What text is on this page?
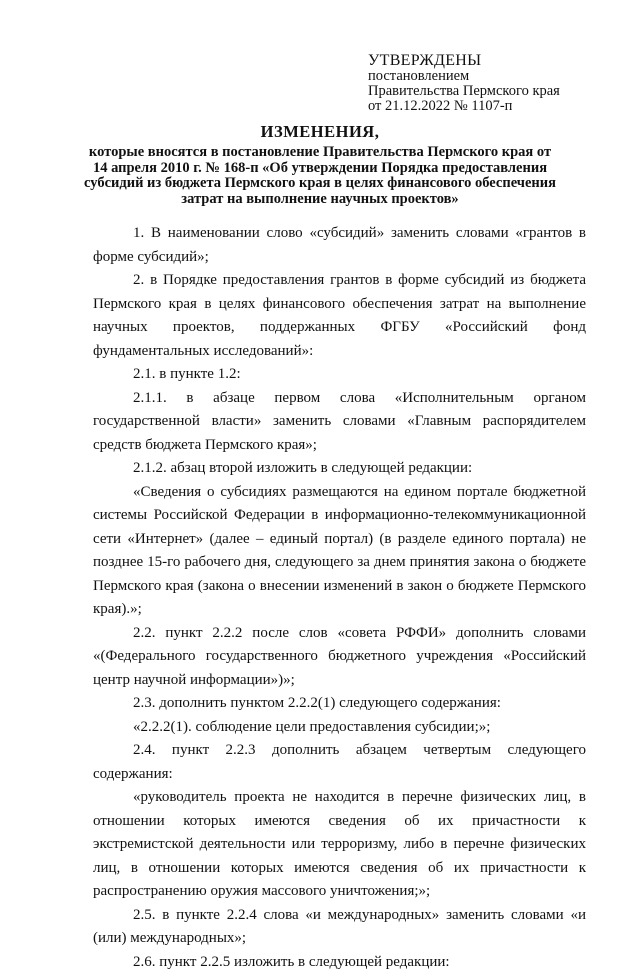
УТВЕРЖДЕНЫ
постановлением
Правительства Пермского края
от 21.12.2022 № 1107-п
ИЗМЕНЕНИЯ,
которые вносятся в постановление Правительства Пермского края от 14 апреля 2010 г. № 168-п «Об утверждении Порядка предоставления субсидий из бюджета Пермского края в целях финансового обеспечения затрат на выполнение научных проектов»

1. В наименовании слово «субсидий» заменить словами «грантов в форме субсидий»;

2. в Порядке предоставления грантов в форме субсидий из бюджета Пермского края в целях финансового обеспечения затрат на выполнение научных проектов, поддержанных ФГБУ «Российский фонд фундаментальных исследований»:

2.1. в пункте 1.2:

2.1.1. в абзаце первом слова «Исполнительным органом государственной власти» заменить словами «Главным распорядителем средств бюджета Пермского края»;

2.1.2. абзац второй изложить в следующей редакции:

«Сведения о субсидиях размещаются на едином портале бюджетной системы Российской Федерации в информационно-телекоммуникационной сети «Интернет» (далее – единый портал) (в разделе единого портала) не позднее 15-го рабочего дня, следующего за днем принятия закона о бюджете Пермского края (закона о внесении изменений в закон о бюджете Пермского края).»;

2.2. пункт 2.2.2 после слов «совета РФФИ» дополнить словами «(Федерального государственного бюджетного учреждения «Российский центр научной информации»)»;

2.3. дополнить пунктом 2.2.2(1) следующего содержания:

«2.2.2(1). соблюдение цели предоставления субсидии;»;

2.4. пункт 2.2.3 дополнить абзацем четвертым следующего содержания:

«руководитель проекта не находится в перечне физических лиц, в отношении которых имеются сведения об их причастности к экстремистской деятельности или терроризму, либо в перечне физических лиц, в отношении которых имеются сведения об их причастности к распространению оружия массового уничтожения;»;

2.5. в пункте 2.2.4 слова «и международных» заменить словами «и (или) международных»;

2.6. пункт 2.2.5 изложить в следующей редакции:
